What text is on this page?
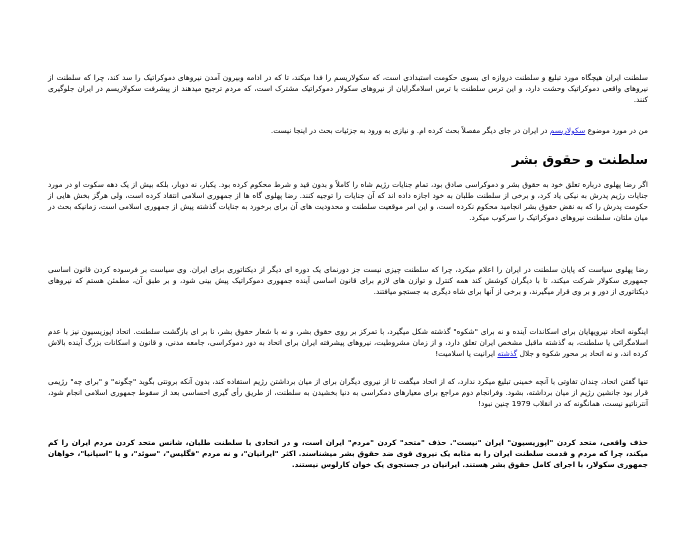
سلطنت ایران هیچگاه مورد تبلیغ و سلطنت دروازه ای بسوی حکومت استبدادی است، که سکولاریسم را فدا میکند، تا که در ادامه وبیرون آمدن نیروهای دموکراتیک را سد کند، چرا که سلطنت از نیروهای واقعی دموکراتیک وحشت دارد، و این ترس سلطنت با ترس اسلامگرایان از نیروهای سکولار دموکراتیک مشترک است، که مردم ترجیح میدهند از پیشرفت سکولاریسم در ایران جلوگیری کنند.

من در مورد موضوع سکولاریسم در ایران در جای دیگر مفصلاً بحث کرده ام. و نیازی به ورود به جزئیات بحث در اینجا نیست.

سلطنت و حقوق بشر

اگر رضا پهلوی درباره تعلق خود به حقوق بشر و دموکراسی صادق بود، تمام جنایات رژیم شاه را کاملاً و بدون قید و شرط محکوم کرده بود. یکبار، نه دوبار، بلکه بیش از یک دهه سکوت او در مورد جنایات رژیم پدرش به نیکی یاد کرد، و برخی از سلطنت طلبان به خود اجازه داده اند که آن جنایات را توجیه کنند. رضا پهلوی گاه ها از جمهوری اسلامی انتقاد کرده است، ولی هرگز بخش هایی از حکومت پدرش را که به نقض حقوق بشر انجامید محکوم نکرده است، و این امر موقعیت سلطنت و محدودیت های آن برای برخورد به جنایات گذشته پیش از جمهوری اسلامی است، زمانیکه بحث در میان ملتان، سلطنت نیروهای دموکراتیک را سرکوب میکرد.

رضا پهلوی سیاست که پایان سلطنت در ایران را اعلام میکرد، چرا که سلطنت چیزی نیست جز دورنمای یک دوره ای دیگر از دیکتاتوری برای ایران. وی سیاست بر فرسوده کردن قانون اساسی جمهوری سکولار شرکت میکند، تا با دیگران کوشش کند همه کنترل و توازن های لازم برای قانون اساسی آینده جمهوری دموکراتیک پیش بینی شود، و بر طبق آن، مطمئن هستم که نیروهای دیکتاتوری از دور و بر وی قرار میگیرند، و برخی از آنها برای شاه دیگری به جستجو میافتند.

اینگونه اتحاد نیرویهایان برای اسکاندات آینده و نه برای "شکوه" گذشته شکل میگیرد، با تمرکز بر روی حقوق بشر، و نه با شعار حقوق بشر، نا بر ای بازگشت سلطنت. اتحاد اپوزیسیون نیز با عدم اسلامگرائی یا سلطنت، به گذشته ماقبل مشخص ایران تعلق دارد، و از زمان مشروطیت، نیروهای پیشرفته ایران برای اتحاد به دور دموکراسی، جامعه مدنی، و قانون و اسکانات بزرگ آینده بالاش کرده اند، و نه اتحاد بر محور شکوه و جلال گذشته ایرانیت یا اسلامیت!

تنها گفتن اتحاد، چندان تفاوتی با آنچه خمینی تبلیغ میکرد ندارد، که از اتحاد میگفت تا از نیروی دیگران برای از میان برداشتن رژیم استفاده کند، بدون آنکه برونتی بگوید "چگونه" و "برای چه" رژیمی قرار بود جانشین رژیم از میان برداشته، بشود. وفرانجام دوم مراجع برای معیارهای دمکراسی به دنیا بخشیدن به سلطنت، از طریق رأی گیری احساسی بعد از سقوط جمهوری اسلامی انجام شود، آنترناتیو نیست، همانگونه که در انقلاب 1979 چنین نبود!

حذف واقعی، متحد کردن "اپوزیسیون" ایران "نیست". حذف "متحد" کردن "مردم" ایران است، و در اتحادی با سلطنت طلبان، شانس متحد کردن مردم ایران را کم میکند، چرا که مردم و قدمت سلطنت ایران را به مثابه یک نیروی قوی ضد حقوق بشر میشناسند. اکثر "ایرانیان"، و نه مردم "فگلیس"، "سوئد"، و یا "اسپانیا"، خواهان جمهوری سکولار، با اجرای کامل حقوق بشر هستند. ایرانیان در جستجوی یک خوان کارلوس نیستند.
